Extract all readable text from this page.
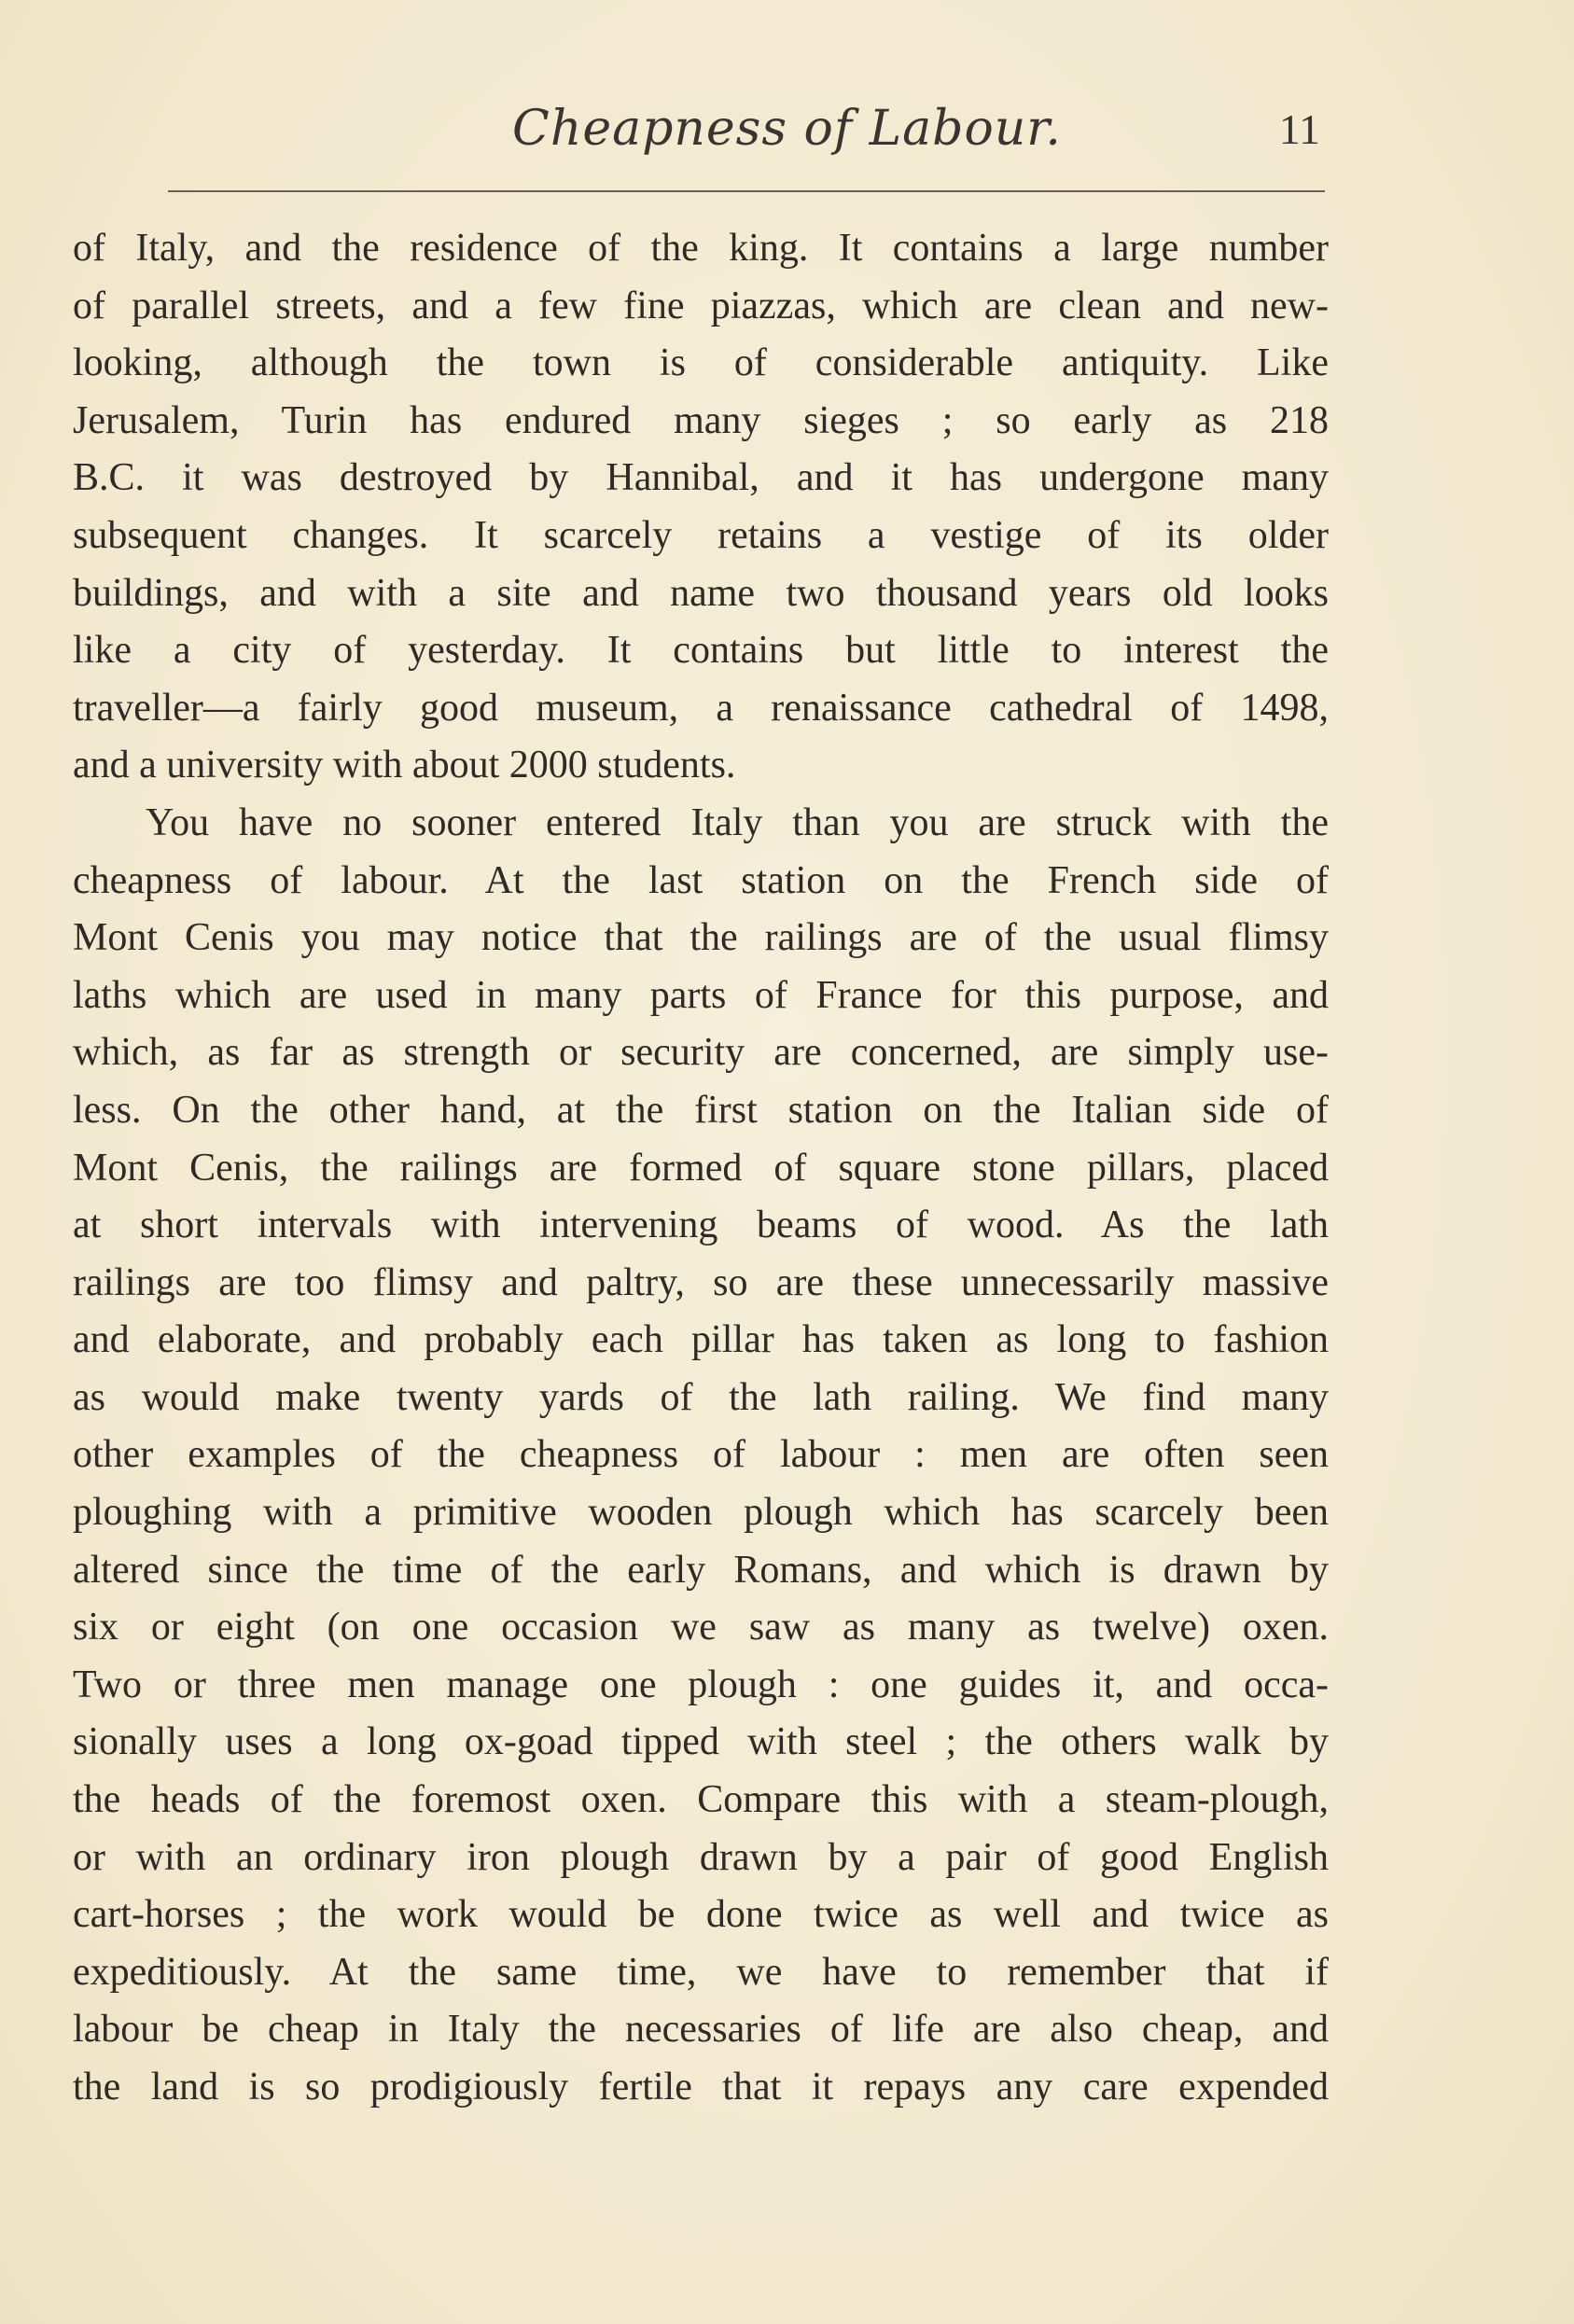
Cheapness of Labour.	11
of Italy, and the residence of the king. It contains a large number
of parallel streets, and a few fine piazzas, which are clean and new-
looking, although the town is of considerable antiquity. Like
Jerusalem, Turin has endured many sieges ; so early as 218
B.C. it was destroyed by Hannibal, and it has undergone many
subsequent changes. It scarcely retains a vestige of its older
buildings, and with a site and name two thousand years old looks
like a city of yesterday. It contains but little to interest the
traveller—a fairly good museum, a renaissance cathedral of 1498,
and a university with about 2000 students.
You have no sooner entered Italy than you are struck with the
cheapness of labour. At the last station on the French side of
Mont Cenis you may notice that the railings are of the usual flimsy
laths which are used in many parts of France for this purpose, and
which, as far as strength or security are concerned, are simply use-
less. On the other hand, at the first station on the Italian side of
Mont Cenis, the railings are formed of square stone pillars, placed
at short intervals with intervening beams of wood. As the lath
railings are too flimsy and paltry, so are these unnecessarily massive
and elaborate, and probably each pillar has taken as long to fashion
as would make twenty yards of the lath railing. We find many
other examples of the cheapness of labour : men are often seen
ploughing with a primitive wooden plough which has scarcely been
altered since the time of the early Romans, and which is drawn by
six or eight (on one occasion we saw as many as twelve) oxen.
Two or three men manage one plough : one guides it, and occa-
sionally uses a long ox-goad tipped with steel ; the others walk by
the heads of the foremost oxen. Compare this with a steam-plough,
or with an ordinary iron plough drawn by a pair of good English
cart-horses ; the work would be done twice as well and twice as
expeditiously. At the same time, we have to remember that if
labour be cheap in Italy the necessaries of life are also cheap, and
the land is so prodigiously fertile that it repays any care expended
